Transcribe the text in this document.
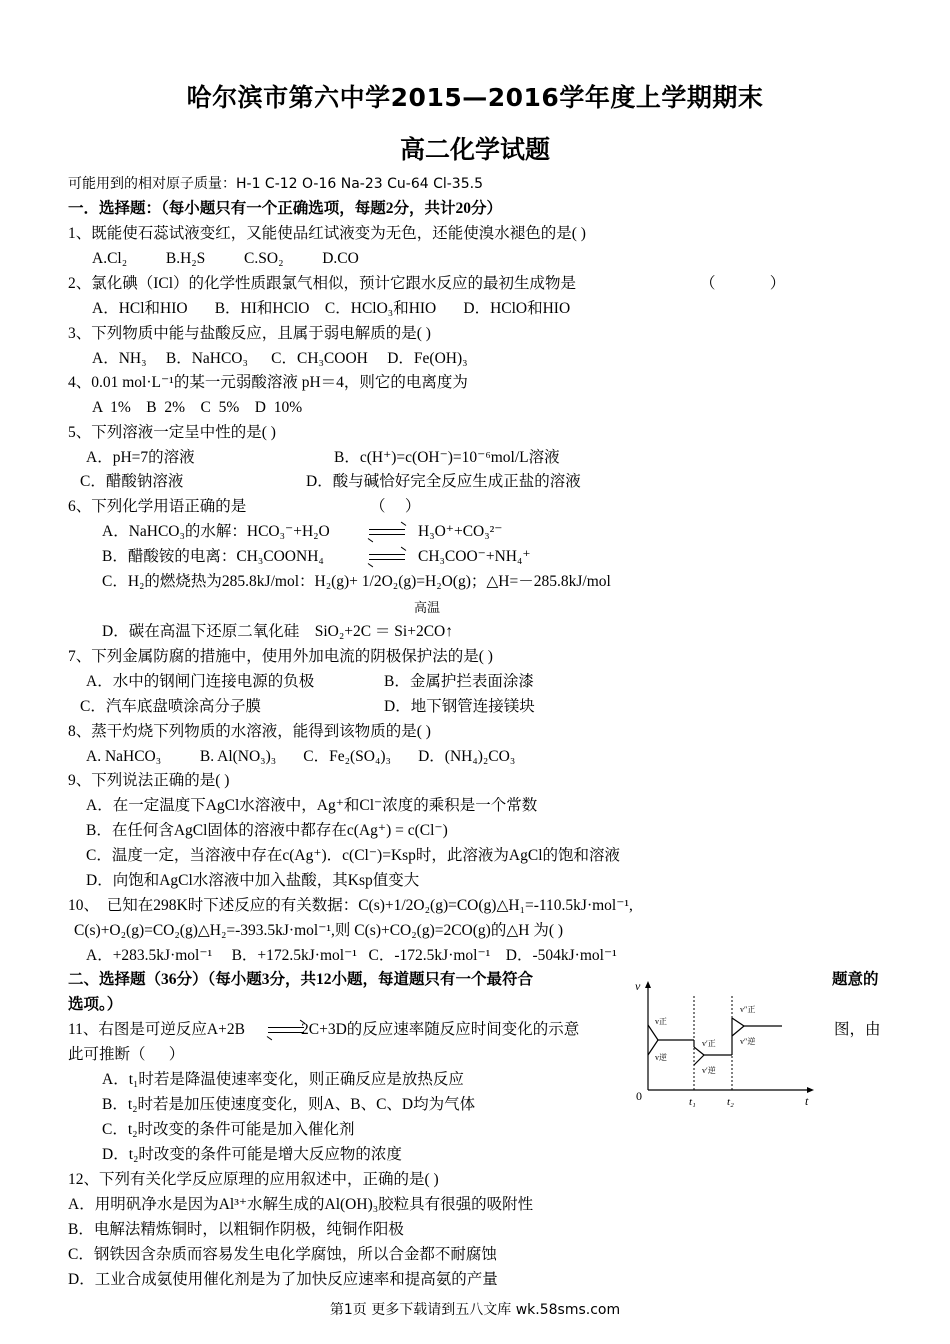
哈尔滨市第六中学2015—2016学年度上学期期末
高二化学试题
可能用到的相对原子质量：H-1 C-12 O-16 Na-23 Cu-64 Cl-35.5
一．选择题：（每小题只有一个正确选项，每题2分，共计20分）
1、既能使石蕊试液变红，又能使品红试液变为无色，还能使溴水褪色的是( )
A.Cl₂          B.H₂S          C.SO₂          D.CO
2、氯化碘（ICl）的化学性质跟氯气相似，预计它跟水反应的最初生成物是	（              ）
A．HCl和HIO       B．HI和HClO    C．HClO₃和HIO       D．HClO和HIO
3、下列物质中能与盐酸反应，且属于弱电解质的是( )
A．NH₃     B．NaHCO₃      C．CH₃COOH     D．Fe(OH)₃
4、0.01 mol·L⁻¹的某一元弱酸溶液 pH＝4，则它的电离度为
A  1%    B  2%    C  5%    D  10%
5、下列溶液一定呈中性的是( )
A．pH=7的溶液	B．c(H⁺)=c(OH⁻)=10⁻⁶mol/L溶液
C．醋酸钠溶液	D．酸与碱恰好完全反应生成正盐的溶液
6、下列化学用语正确的是	（     ）
A．NaHCO₃的水解：HCO₃⁻+H₂O	H₃O⁺+CO₃²⁻
B．醋酸铵的电离：CH₃COONH₄	CH₃COO⁻+NH₄⁺
C．H₂的燃烧热为285.8kJ/mol：H₂(g)+ 1/2O₂(g)=H₂O(g)；△H=－285.8kJ/mol
高温
D．碳在高温下还原二氧化硅    SiO₂+2C ＝ Si+2CO↑
7、下列金属防腐的措施中，使用外加电流的阴极保护法的是( )
A．水中的钢闸门连接电源的负极	B．金属护拦表面涂漆
C．汽车底盘喷涂高分子膜	D．地下钢管连接镁块
8、蒸干灼烧下列物质的水溶液，能得到该物质的是( )
A. NaHCO₃          B. Al(NO₃)₃       C．Fe₂(SO₄)₃       D．(NH₄)₂CO₃
9、下列说法正确的是( )
A．在一定温度下AgCl水溶液中，Ag⁺和Cl⁻浓度的乘积是一个常数
B．在任何含AgCl固体的溶液中都存在c(Ag⁺) = c(Cl⁻)
C．温度一定，当溶液中存在c(Ag⁺)．c(Cl⁻)=Ksp时，此溶液为AgCl的饱和溶液
D．向饱和AgCl水溶液中加入盐酸，其Ksp值变大
10、  已知在298K时下述反应的有关数据：C(s)+1/2O₂(g)=CO(g)△H₁=-110.5kJ·mol⁻¹,
C(s)+O₂(g)=CO₂(g)△H₂=-393.5kJ·mol⁻¹,则 C(s)+CO₂(g)=2CO(g)的△H 为( )
A．+283.5kJ·mol⁻¹     B．+172.5kJ·mol⁻¹   C．-172.5kJ·mol⁻¹    D．-504kJ·mol⁻¹
二、选择题（36分）（每小题3分，共12小题，每道题只有一个最符合	题意的
选项。）
11、右图是可逆反应A+2B	2C+3D的反应速率随反应时间变化的示意	图，由
此可推断（      ）
A．t₁时若是降温使速率变化，则正确反应是放热反应
B．t₂时若是加压使速度变化，则A、B、C、D均为气体
C．t₂时改变的条件可能是加入催化剂
D．t₂时改变的条件可能是增大反应物的浓度
12、下列有关化学反应原理的应用叙述中，正确的是( )
A．用明矾净水是因为Al³⁺水解生成的Al(OH)₃胶粒具有很强的吸附性
B．电解法精炼铜时，以粗铜作阴极，纯铜作阳极
C．钢铁因含杂质而容易发生电化学腐蚀，所以合金都不耐腐蚀
D．工业合成氨使用催化剂是为了加快反应速率和提高氨的产量
v
0	t
t₁	t₂
v正
v逆
v′正
v′逆
v″正
v″逆
第1页 更多下载请到五八文库 wk.58sms.com
